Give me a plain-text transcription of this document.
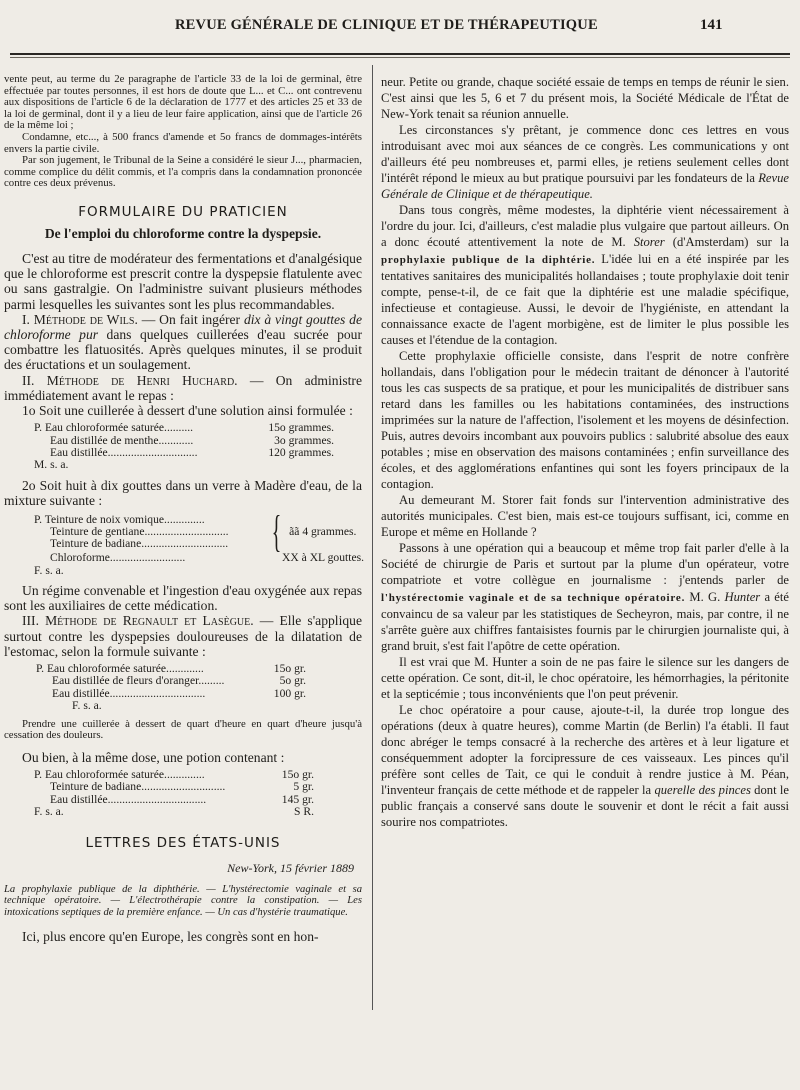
REVUE GÉNÉRALE DE CLINIQUE ET DE THÉRAPEUTIQUE	141

vente peut, au terme du 2e paragraphe de l'article 33 de la loi de germinal, être effectuée par toutes personnes, il est hors de doute que L... et C... ont contrevenu aux dispositions de l'article 6 de la déclaration de 1777 et des articles 25 et 33 de la loi de germinal, dont il y a lieu de leur faire application, ainsi que de l'article 26 de la même loi ;

Condamne, etc..., à 500 francs d'amende et 5o francs de dommages-intérêts envers la partie civile.

Par son jugement, le Tribunal de la Seine a considéré le sieur J..., pharmacien, comme complice du délit commis, et l'a compris dans la condamnation prononcée contre ces deux prévenus.

FORMULAIRE DU PRATICIEN
De l'emploi du chloroforme contre la dyspepsie.

C'est au titre de modérateur des fermentations et d'analgésique que le chloroforme est prescrit contre la dyspepsie flatulente avec ou sans gastralgie. On l'administre suivant plusieurs méthodes parmi lesquelles les suivantes sont les plus recommandables.

I. Méthode de Wils. — On fait ingérer dix à vingt gouttes de chloroforme pur dans quelques cuillerées d'eau sucrée pour combattre les flatuosités. Après quelques minutes, il se produit des éructations et un soulagement.

II. Méthode de Henri Huchard. — On administre immédiatement avant le repas :

1o Soit une cuillerée à dessert d'une solution ainsi formulée :

P. Eau chloroformée saturée..........	15o grammes.
Eau distillée de menthe............	3o grammes.
Eau distillée...............................	120 grammes.
M. s. a.

2o Soit huit à dix gouttes dans un verre à Madère d'eau, de la mixture suivante :

P. Teinture de noix vomique..............
Teinture de gentiane.............................
Teinture de badiane.............................. { ãã 4 grammes.
Chloroforme..........................	XX à XL gouttes.
F. s. a.

Un régime convenable et l'ingestion d'eau oxygénée aux repas sont les auxiliaires de cette médication.

III. Méthode de Regnault et Lasègue. — Elle s'applique surtout contre les dyspepsies douloureuses de la dilatation de l'estomac, selon la formule suivante :

P. Eau chloroformée saturée.............	15o gr.
Eau distillée de fleurs d'oranger.........	5o gr.
Eau distillée.................................	100 gr.
F. s. a.

Prendre une cuillerée à dessert de quart d'heure en quart d'heure jusqu'à cessation des douleurs.

Ou bien, à la même dose, une potion contenant :

P. Eau chloroformée saturée..............	15o gr.
Teinture de badiane.............................	5 gr.
Eau distillée..................................	145 gr.
F. s. a.	S R.
LETTRES DES ÉTATS-UNIS
New-York, 15 février 1889

La prophylaxie publique de la diphthérie. — L'hystérectomie vaginale et sa technique opératoire. — L'électrothérapie contre la constipation. — Les intoxications septiques de la première enfance. — Un cas d'hystérie traumatique.

Ici, plus encore qu'en Europe, les congrès sont en hon-

neur. Petite ou grande, chaque société essaie de temps en temps de réunir le sien. C'est ainsi que les 5, 6 et 7 du présent mois, la Société Médicale de l'État de New-York tenait sa réunion annuelle.

Les circonstances s'y prêtant, je commence donc ces lettres en vous introduisant avec moi aux séances de ce congrès. Les communications y ont d'ailleurs été peu nombreuses et, parmi elles, je retiens seulement celles dont l'intérêt répond le mieux au but pratique poursuivi par les fondateurs de la Revue Générale de Clinique et de thérapeutique.

Dans tous congrès, même modestes, la diphtérie vient nécessairement à l'ordre du jour. Ici, d'ailleurs, c'est maladie plus vulgaire que partout ailleurs. On a donc écouté attentivement la note de M. Storer (d'Amsterdam) sur la prophylaxie publique de la diphtérie. L'idée lui en a été inspirée par les tentatives sanitaires des municipalités hollandaises ; toute prophylaxie doit tenir compte, pense-t-il, de ce fait que la diphtérie est une maladie spécifique, infectieuse et contagieuse. Aussi, le devoir de l'hygiéniste, en attendant la connaissance exacte de l'agent morbigène, est de limiter le plus possible les causes et l'étendue de la contagion.

Cette prophylaxie officielle consiste, dans l'esprit de notre confrère hollandais, dans l'obligation pour le médecin traitant de dénoncer à l'autorité tous les cas suspects de sa pratique, et pour les municipalités de distribuer sans retard dans les familles ou les habitations contaminées, des instructions imprimées sur la nature de l'affection, l'isolement et les moyens de désinfection. Puis, autres devoirs incombant aux pouvoirs publics : salubrité absolue des eaux potables ; mise en observation des maisons contaminées ; enfin surveillance des écoles, et des agglomérations enfantines qui sont les foyers principaux de la contagion.

Au demeurant M. Storer fait fonds sur l'intervention administrative des autorités municipales. C'est bien, mais est-ce toujours suffisant, ici, comme en Europe et même en Hollande ?

Passons à une opération qui a beaucoup et même trop fait parler d'elle à la Société de chirurgie de Paris et surtout par la plume d'un opérateur, votre compatriote et votre collègue en journalisme : j'entends parler de l'hystérectomie vaginale et de sa technique opératoire. M. G. Hunter a été convaincu de sa valeur par les statistiques de Secheyron, mais, par contre, il ne s'arrête guère aux chiffres fantaisistes fournis par le chirurgien journaliste qui, à grand bruit, s'est fait l'apôtre de cette opération.

Il est vrai que M. Hunter a soin de ne pas faire le silence sur les dangers de cette opération. Ce sont, dit-il, le choc opératoire, les hémorrhagies, la péritonite et la septicémie ; tous inconvénients que l'on peut prévenir.

Le choc opératoire a pour cause, ajoute-t-il, la durée trop longue des opérations (deux à quatre heures), comme Martin (de Berlin) l'a établi. Il faut donc abréger le temps consacré à la recherche des artères et à leur ligature et conséquemment adopter la forcipressure de ces vaisseaux. Les pinces qu'il préfère sont celles de Tait, ce qui le conduit à rendre justice à M. Péan, l'inventeur français de cette méthode et de rappeler la querelle des pinces dont le public français a conservé sans doute le souvenir et dont le récit a fait aussi sourire nos compatriotes.
